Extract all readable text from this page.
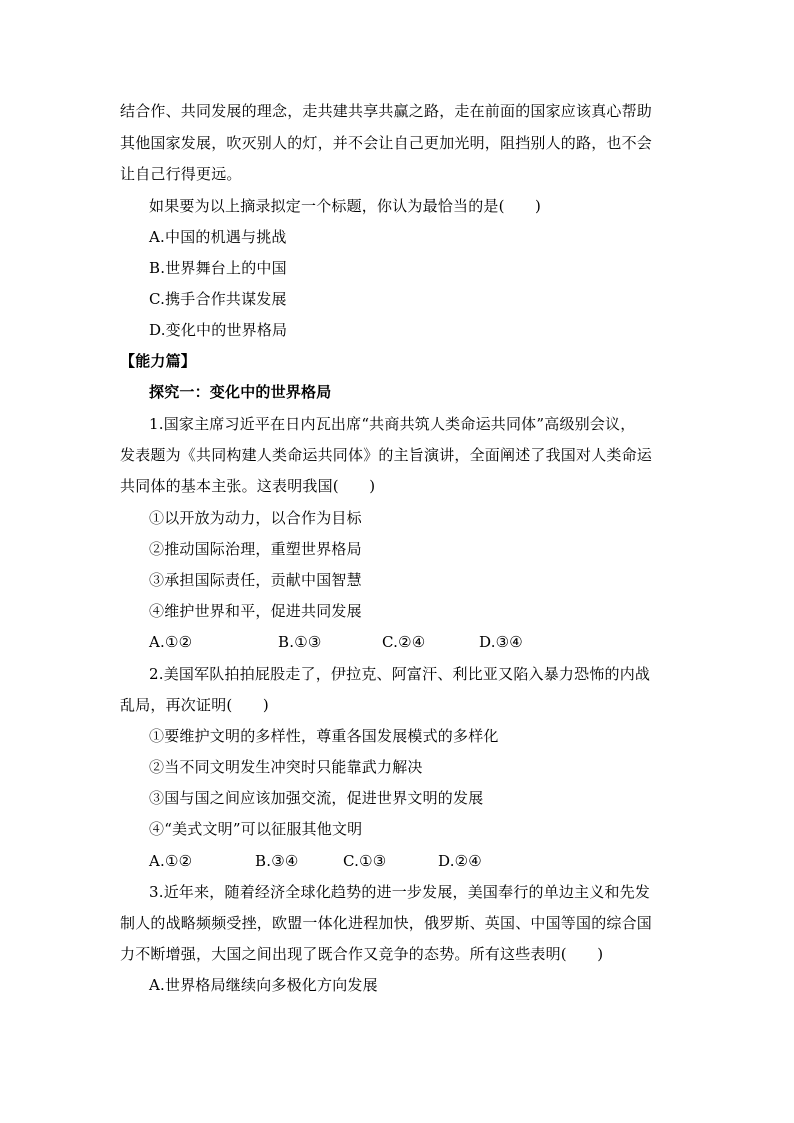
结合作、共同发展的理念，走共建共享共赢之路，走在前面的国家应该真心帮助
其他国家发展，吹灭别人的灯，并不会让自己更加光明，阻挡别人的路，也不会
让自己行得更远。
如果要为以上摘录拟定一个标题，你认为最恰当的是(　　)
A.中国的机遇与挑战
B.世界舞台上的中国
C.携手合作共谋发展
D.变化中的世界格局
【能力篇】
探究一：变化中的世界格局
1.国家主席习近平在日内瓦出席“共商共筑人类命运共同体”高级别会议，
发表题为《共同构建人类命运共同体》的主旨演讲，全面阐述了我国对人类命运
共同体的基本主张。这表明我国(　　)
①以开放为动力，以合作为目标
②推动国际治理，重塑世界格局
③承担国际责任，贡献中国智慧
④维护世界和平，促进共同发展
A.①②	B.①③	C.②④	D.③④
2.美国军队拍拍屁股走了，伊拉克、阿富汗、利比亚又陷入暴力恐怖的内战
乱局，再次证明(　　)
①要维护文明的多样性，尊重各国发展模式的多样化
②当不同文明发生冲突时只能靠武力解决
③国与国之间应该加强交流，促进世界文明的发展
④“美式文明”可以征服其他文明
A.①②	B.③④	C.①③	D.②④
3.近年来，随着经济全球化趋势的进一步发展，美国奉行的单边主义和先发
制人的战略频频受挫，欧盟一体化进程加快，俄罗斯、英国、中国等国的综合国
力不断增强，大国之间出现了既合作又竞争的态势。所有这些表明(　　)
A.世界格局继续向多极化方向发展
